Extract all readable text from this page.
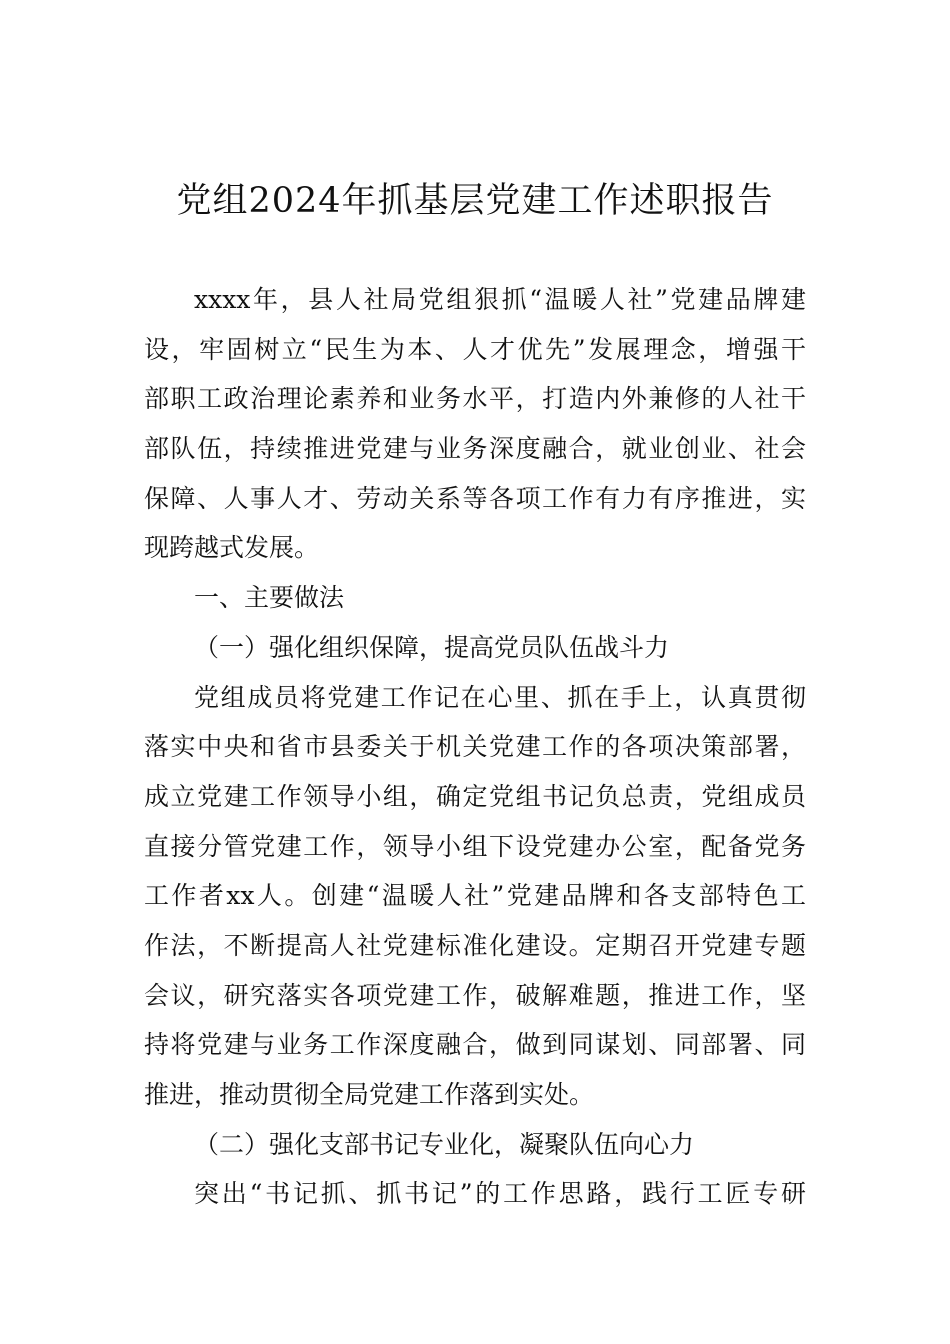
党组2024年抓基层党建工作述职报告
xxxx年，县人社局党组狠抓“温暖人社”党建品牌建
设，牢固树立“民生为本、人才优先”发展理念，增强干
部职工政治理论素养和业务水平，打造内外兼修的人社干
部队伍，持续推进党建与业务深度融合，就业创业、社会
保障、人事人才、劳动关系等各项工作有力有序推进，实
现跨越式发展。
一、主要做法
（一）强化组织保障，提高党员队伍战斗力
党组成员将党建工作记在心里、抓在手上，认真贯彻
落实中央和省市县委关于机关党建工作的各项决策部署，
成立党建工作领导小组，确定党组书记负总责，党组成员
直接分管党建工作，领导小组下设党建办公室，配备党务
工作者xx人。创建“温暖人社”党建品牌和各支部特色工
作法，不断提高人社党建标准化建设。定期召开党建专题
会议，研究落实各项党建工作，破解难题，推进工作，坚
持将党建与业务工作深度融合，做到同谋划、同部署、同
推进，推动贯彻全局党建工作落到实处。
（二）强化支部书记专业化，凝聚队伍向心力
突出“书记抓、抓书记”的工作思路，践行工匠专研
